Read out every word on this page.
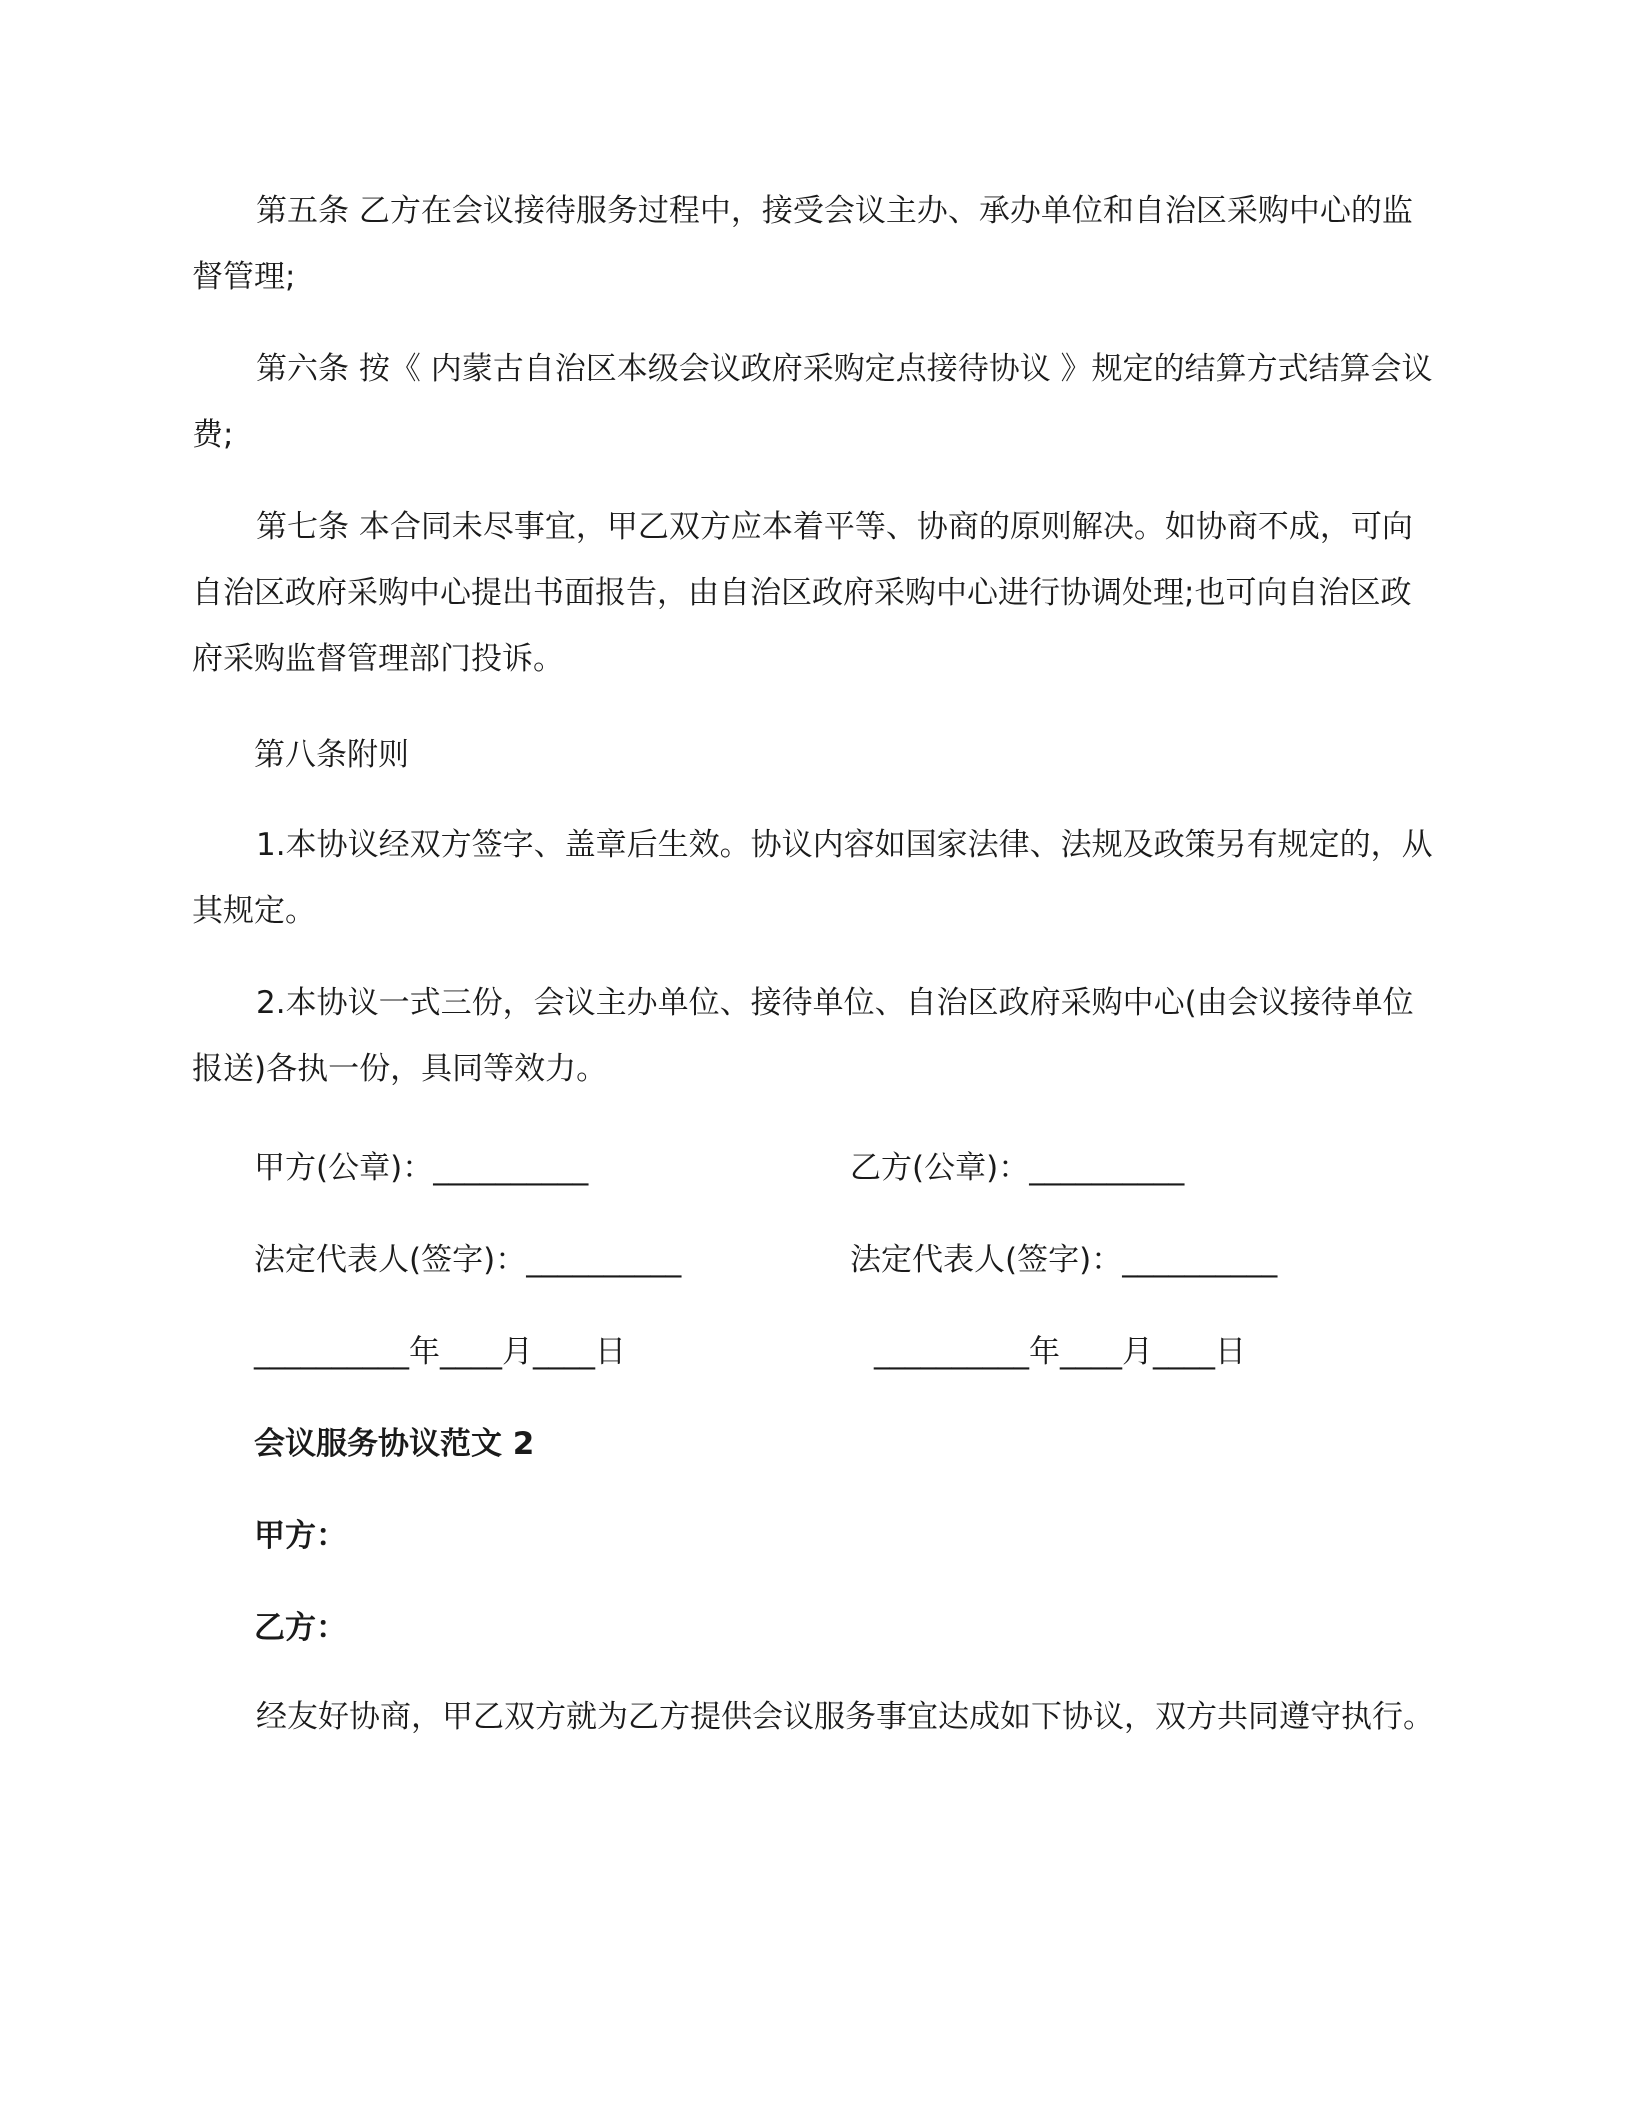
第五条 乙方在会议接待服务过程中，接受会议主办、承办单位和自治区采购中心的监督管理;

第六条 按《 内蒙古自治区本级会议政府采购定点接待协议 》规定的结算方式结算会议费;

第七条 本合同未尽事宜，甲乙双方应本着平等、协商的原则解决。如协商不成，可向自治区政府采购中心提出书面报告，由自治区政府采购中心进行协调处理;也可向自治区政府采购监督管理部门投诉。

第八条附则

1.本协议经双方签字、盖章后生效。协议内容如国家法律、法规及政策另有规定的，从其规定。

2.本协议一式三份，会议主办单位、接待单位、自治区政府采购中心(由会议接待单位报送)各执一份，具同等效力。

甲方(公章)：__________	乙方(公章)：__________

法定代表人(签字)：__________	法定代表人(签字)：__________

__________年____月____日	__________年____月____日

会议服务协议范文 2

甲方：

乙方：

经友好协商，甲乙双方就为乙方提供会议服务事宜达成如下协议，双方共同遵守执行。
